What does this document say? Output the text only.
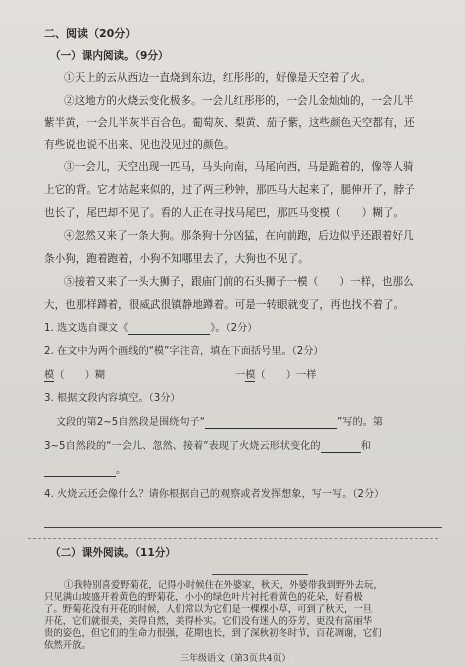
二、阅读（20分）
（一）课内阅读。（9分）
①天上的云从西边一直烧到东边，红彤彤的，好像是天空着了火。
②这地方的火烧云变化极多。一会儿红彤彤的，一会儿金灿灿的，一会儿半
紫半黄，一会儿半灰半百合色。葡萄灰、梨黄、茄子紫，这些颜色天空都有，还
有些说也说不出来、见也没见过的颜色。
③一会儿，天空出现一匹马，马头向南，马尾向西，马是跪着的，像等人骑
上它的背。它才站起来似的，过了两三秒钟，那匹马大起来了，腿伸开了，脖子
也长了，尾巴却不见了。看的人正在寻找马尾巴，那匹马变模（　　）糊了。
④忽然又来了一条大狗。那条狗十分凶猛，在向前跑，后边似乎还跟着好几
条小狗，跑着跑着，小狗不知哪里去了，大狗也不见了。
⑤接着又来了一头大狮子，跟庙门前的石头狮子一模（　　）一样，也那么
大，也那样蹲着，很威武很镇静地蹲着。可是一转眼就变了，再也找不着了。
1. 选文选自课文《	》。（2分）
2. 在文中为两个画线的“模”字注音，填在下面括号里。（2分）
模（　　）糊	一模（　　）一样
3. 根据文段内容填空。（3分）
文段的第2~5自然段是围绕句子“	”写的。第
3~5自然段的“一会儿、忽然、接着”表现了火烧云形状变化的	和
。
4. 火烧云还会像什么？请你根据自己的观察或者发挥想象，写一写。（2分）
（二）课外阅读。（11分）
①我特别喜爱野菊花，记得小时候住在外婆家，秋天，外婆带我到野外去玩，
只见满山坡盛开着黄色的野菊花，小小的绿色叶片衬托着黄色的花朵，好看极
了。野菊花没有开花的时候，人们常以为它们是一棵棵小草，可到了秋天，一旦
开花，它们就很美，美得自然，美得朴实。它们没有迷人的芬芳，更没有富丽华
贵的姿色，但它们的生命力很强，花期也长，到了深秋初冬时节，百花凋谢，它们
依然开放。
三年级语文（第3页共4页）
